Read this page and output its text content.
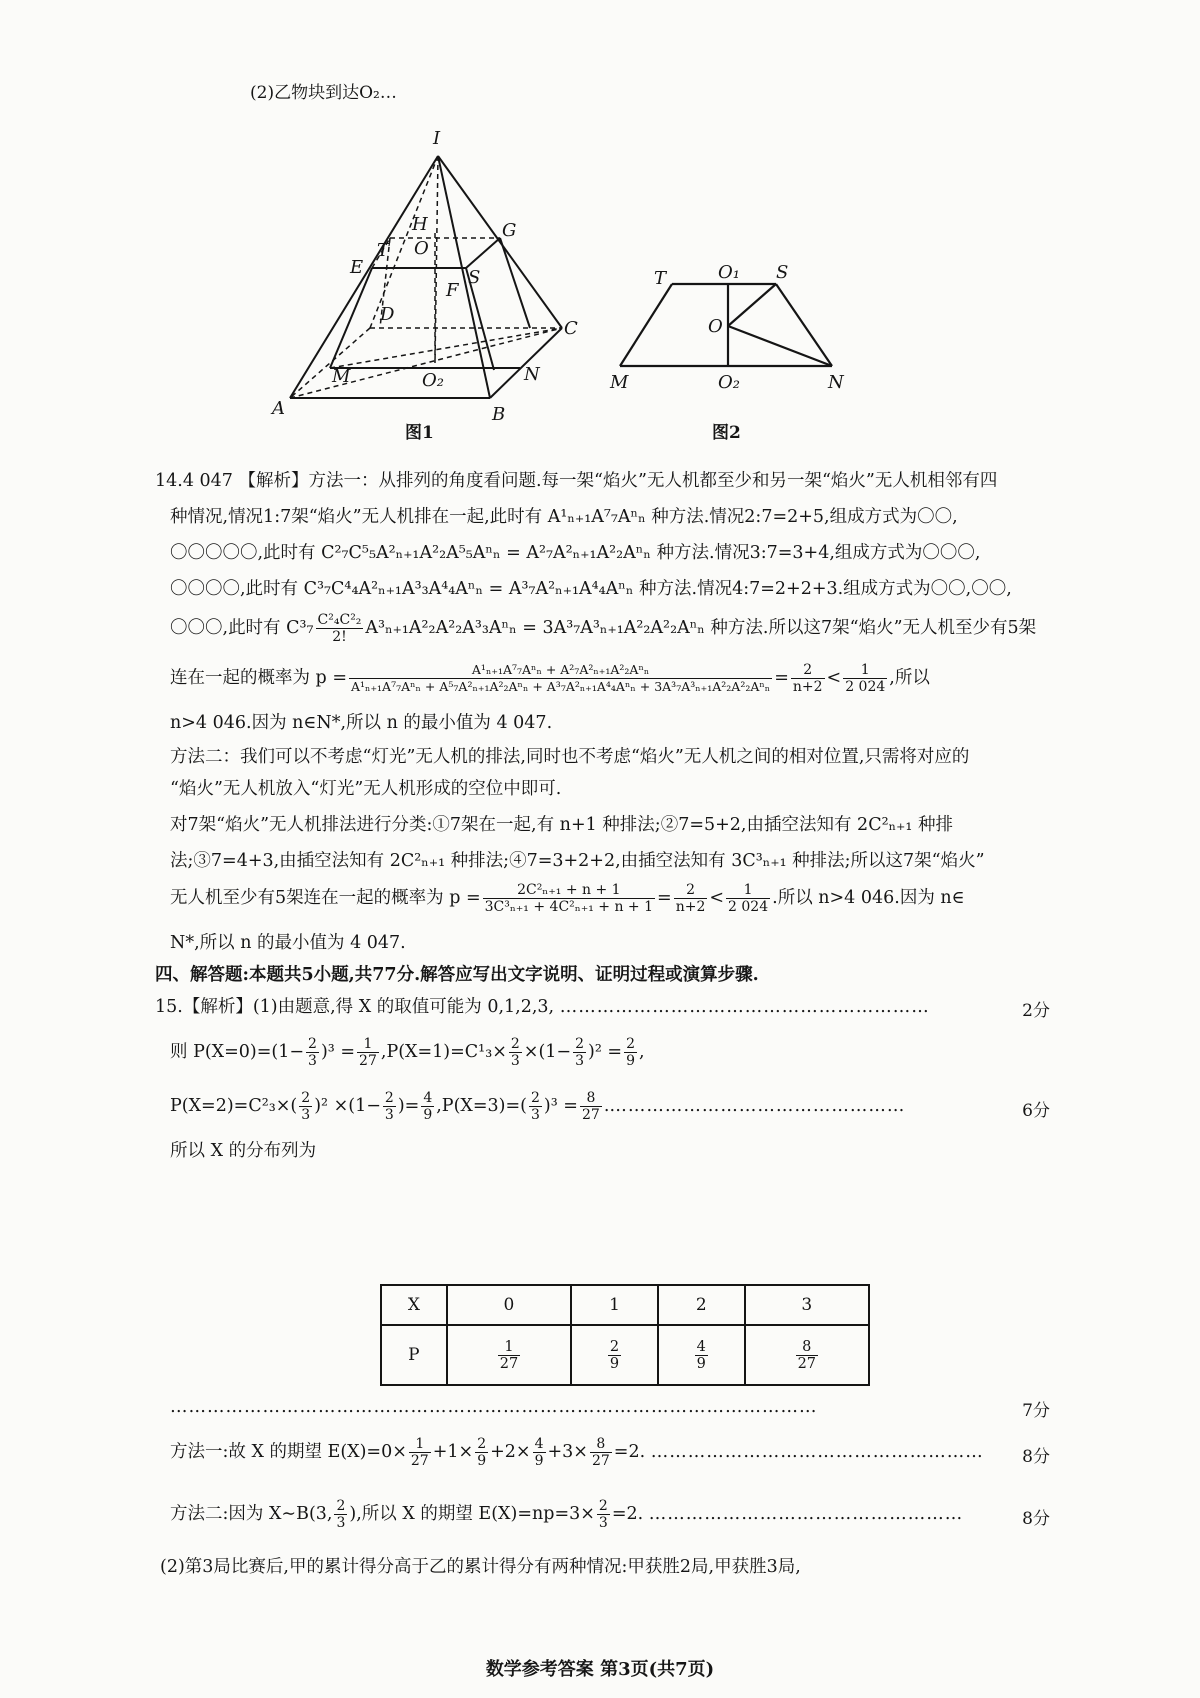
(2)乙物块到达O₂…
I
H	G
E
T O
F
S
D
C
M	O₂	N
A	B
图1
T	O₁ S
O
M	O₂	N
图2
14.4 047 【解析】方法一：从排列的角度看问题.每一架“焰火”无人机都至少和另一架“焰火”无人机相邻有四
种情况,情况1:7架“焰火”无人机排在一起,此时有 A¹ₙ₊₁A⁷₇Aⁿₙ 种方法.情况2:7=2+5,组成方式为〇〇,
〇〇〇〇〇,此时有 C²₇C⁵₅A²ₙ₊₁A²₂A⁵₅Aⁿₙ = A²₇A²ₙ₊₁A²₂Aⁿₙ 种方法.情况3:7=3+4,组成方式为〇〇〇,
〇〇〇〇,此时有 C³₇C⁴₄A²ₙ₊₁A³₃A⁴₄Aⁿₙ = A³₇A²ₙ₊₁A⁴₄Aⁿₙ 种方法.情况4:7=2+2+3.组成方式为〇〇,〇〇,
〇〇〇,此时有 $C^3_7 \frac{\text{C²₄C²₂}}{2!} A^3_{n+1}A^2_2A^2_2A^3_3A^n_n = 3A^3_7A^3_{n+1}A^2_2A^2_2A^n_n$ 种方法.所以这7架“焰火”无人机至少有5架
连在一起的概率为 p =	A¹ₙ₊₁A⁷₇Aⁿₙ + A²₇A²ₙ₊₁A²₂Aⁿₙ
$A^1_{n+1}A^7_7A^n_n + A^5_7A^2_{n+1}A^2_2A^n_n + A^3_7A^2_{n+1}A^4_4A^n_n + 3A^3_7A^3_{n+1}A^2_2A^2_2A^n_n = \frac{2}{n+2} < \frac{1}{2 024}$ ,所以
n>4 046.因为 n∈N*,所以 n 的最小值为 4 047.
方法二：我们可以不考虑“灯光”无人机的排法,同时也不考虑“焰火”无人机之间的相对位置,只需将对应的
“焰火”无人机放入“灯光”无人机形成的空位中即可.
对7架“焰火”无人机排法进行分类:①7架在一起,有 n+1 种排法;②7=5+2,由插空法知有 2C²ₙ₊₁ 种排
法;③7=4+3,由插空法知有 2C²ₙ₊₁ 种排法;④7=3+2+2,由插空法知有 3C³ₙ₊₁ 种排法;所以这7架“焰火”
无人机至少有5架连在一起的概率为 $p = \frac{\text{2C²ₙ₊₁ + n + 1}}{\text{3C³ₙ₊₁ + 4C²ₙ₊₁ + n + 1}} = \frac{2}{n+2} < \frac{1}{2 024}$ .所以 n>4 046.因为 n∈
N*,所以 n 的最小值为 4 047.
四、解答题:本题共5小题,共77分.解答应写出文字说明、证明过程或演算步骤.
15.【解析】(1)由题意,得 X 的取值可能为 0,1,2,3, ……………………………………………………	2分
则 $P(X=0)=(1- \frac{2}{3} )^3 = \frac{1}{27} ,P(X=1)=C^1_3\times \frac{2}{3} \times(1- \frac{2}{3} )^2 = \frac{2}{9}$ ,
$P(X=2)=C^2_3\times( \frac{2}{3} )^2 \times(1- \frac{2}{3}$ )= $\frac{4}{9} ,P(X=3)=( \frac{2}{3} )^3 = \frac{8}{27}$ .…………………………………………	6分
所以 X 的分布列为
X	0	1	2	3
P	$\frac{1}{27}$	$\frac{2}{9}$	$\frac{4}{9}$	$\frac{8}{27}$
……………………………………………………………………………………………	7分
方法一:故 X 的期望 $E(X)=0\times \frac{1}{27} +1\times \frac{2}{9} +2\times \frac{4}{9} +3\times \frac{8}{27} =2$. ……………………………………………… 8分
方法二:因为 X∼B(3, $\frac{2}{3}$ ),所以 X 的期望 $E(X)=np=3\times \frac{2}{3} =2$. ……………………………………………	8分
(2)第3局比赛后,甲的累计得分高于乙的累计得分有两种情况:甲获胜2局,甲获胜3局,
数学参考答案 第3页(共7页)
